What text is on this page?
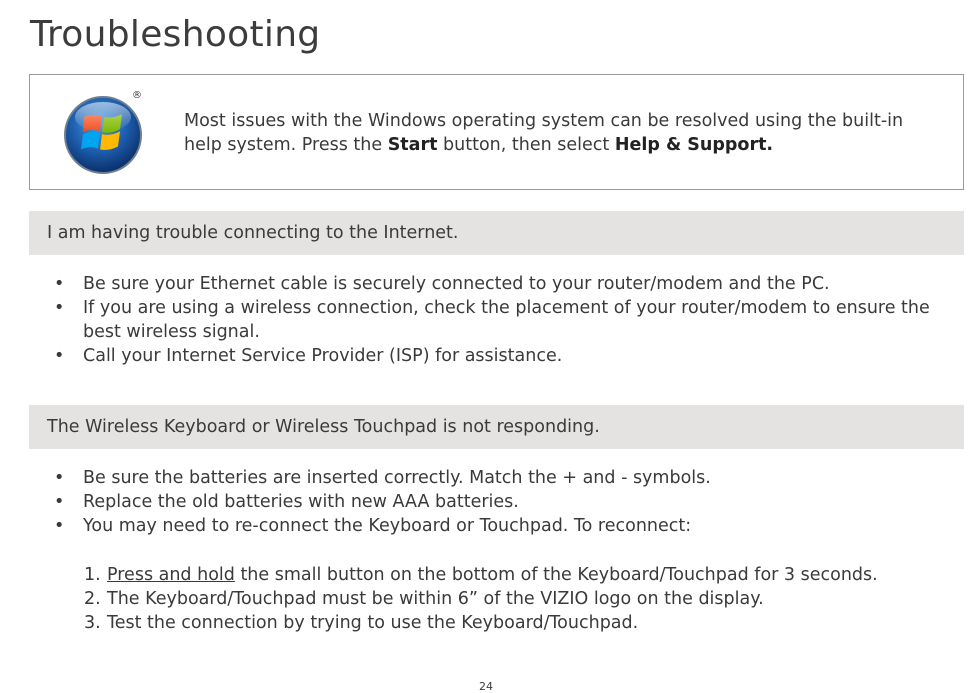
Troubleshooting
®
Most issues with the Windows operating system can be resolved using the built-in help system. Press the Start button, then select Help & Support.
I am having trouble connecting to the Internet.
• Be sure your Ethernet cable is securely connected to your router/modem and the PC.
• If you are using a wireless connection, check the placement of your router/modem to ensure the best wireless signal.
• Call your Internet Service Provider (ISP) for assistance.
The Wireless Keyboard or Wireless Touchpad is not responding.
• Be sure the batteries are inserted correctly. Match the + and - symbols.
• Replace the old batteries with new AAA batteries.
• You may need to re-connect the Keyboard or Touchpad. To reconnect:
1. Press and hold the small button on the bottom of the Keyboard/Touchpad for 3 seconds.
2. The Keyboard/Touchpad must be within 6” of the VIZIO logo on the display.
3. Test the connection by trying to use the Keyboard/Touchpad.
24
